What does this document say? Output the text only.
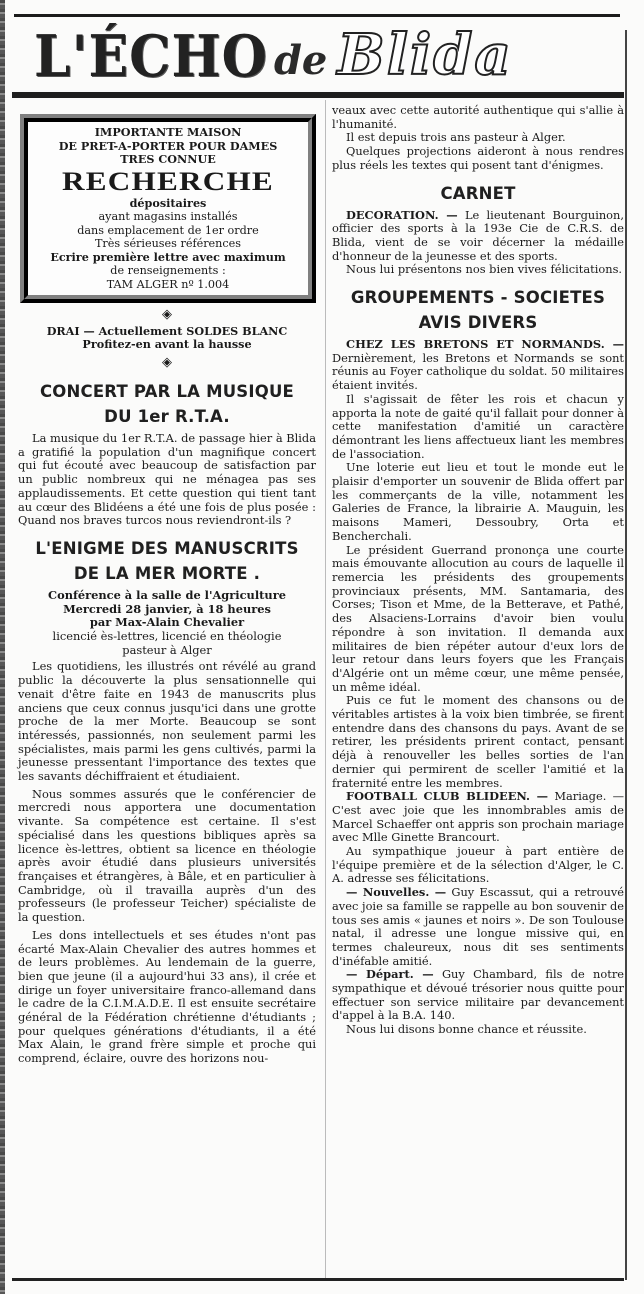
L'ÉCHO de Blida
IMPORTANTE MAISON
DE PRET-A-PORTER POUR DAMES
TRES CONNUE
RECHERCHE
dépositaires
ayant magasins installés
dans emplacement de 1er ordre
Très sérieuses références
Ecrire première lettre avec maximum
de renseignements :
TAM ALGER nº 1.004
◈
DRAI — Actuellement SOLDES BLANC
Profitez-en avant la hausse
◈
CONCERT PAR LA MUSIQUE
DU 1er R.T.A.

La musique du 1er R.T.A. de passage hier à Blida a gratifié la population d'un magnifique concert qui fut écouté avec beaucoup de satisfaction par un public nombreux qui ne ménagea pas ses applaudissements. Et cette question qui tient tant au cœur des Blidéens a été une fois de plus posée : Quand nos braves turcos nous reviendront-ils ?

L'ENIGME DES MANUSCRITS
DE LA MER MORTE .
Conférence à la salle de l'Agriculture
Mercredi 28 janvier, à 18 heures
par Max-Alain Chevalier
licencié ès-lettres, licencié en théologie
pasteur à Alger

Les quotidiens, les illustrés ont révélé au grand public la découverte la plus sensationnelle qui venait d'être faite en 1943 de manuscrits plus anciens que ceux connus jusqu'ici dans une grotte proche de la mer Morte. Beaucoup se sont intéressés, passionnés, non seulement parmi les spécialistes, mais parmi les gens cultivés, parmi la jeunesse pressentant l'importance des textes que les savants déchiffraient et étudiaient.

Nous sommes assurés que le conférencier de mercredi nous apportera une documentation vivante. Sa compétence est certaine. Il s'est spécialisé dans les questions bibliques après sa licence ès-lettres, obtient sa licence en théologie après avoir étudié dans plusieurs universités françaises et étrangères, à Bâle, et en particulier à Cambridge, où il travailla auprès d'un des professeurs (le professeur Teicher) spécialiste de la question.

Les dons intellectuels et ses études n'ont pas écarté Max-Alain Chevalier des autres hommes et de leurs problèmes. Au lendemain de la guerre, bien que jeune (il a aujourd'hui 33 ans), il crée et dirige un foyer universitaire franco-allemand dans le cadre de la C.I.M.A.D.E. Il est ensuite secrétaire général de la Fédération chrétienne d'étudiants ; pour quelques générations d'étudiants, il a été Max Alain, le grand frère simple et proche qui comprend, éclaire, ouvre des horizons nou-

veaux avec cette autorité authentique qui s'allie à l'humanité.

Il est depuis trois ans pasteur à Alger.

Quelques projections aideront à nous rendres plus réels les textes qui posent tant d'énigmes.

CARNET

DECORATION. — Le lieutenant Bourguinon, officier des sports à la 193e Cie de C.R.S. de Blida, vient de se voir décerner la médaille d'honneur de la jeunesse et des sports.

Nous lui présentons nos bien vives félicitations.

GROUPEMENTS - SOCIETES
AVIS DIVERS

CHEZ LES BRETONS ET NORMANDS. — Dernièrement, les Bretons et Normands se sont réunis au Foyer catholique du soldat. 50 militaires étaient invités.

Il s'agissait de fêter les rois et chacun y apporta la note de gaité qu'il fallait pour donner à cette manifestation d'amitié un caractère démontrant les liens affectueux liant les membres de l'association.

Une loterie eut lieu et tout le monde eut le plaisir d'emporter un souvenir de Blida offert par les commerçants de la ville, notamment les Galeries de France, la librairie A. Mauguin, les maisons Mameri, Dessoubry, Orta et Bencherchali.

Le président Guerrand prononça une courte mais émouvante allocution au cours de laquelle il remercia les présidents des groupements provinciaux présents, MM. Santamaria, des Corses; Tison et Mme, de la Betterave, et Pathé, des Alsaciens-Lorrains d'avoir bien voulu répondre à son invitation. Il demanda aux militaires de bien répéter autour d'eux lors de leur retour dans leurs foyers que les Français d'Algérie ont un même cœur, une même pensée, un même idéal.

Puis ce fut le moment des chansons ou de véritables artistes à la voix bien timbrée, se firent entendre dans des chansons du pays. Avant de se retirer, les présidents prirent contact, pensant déjà à renouveller les belles sorties de l'an dernier qui permirent de sceller l'amitié et la fraternité entre les membres.

FOOTBALL CLUB BLIDEEN. — Mariage. — C'est avec joie que les innombrables amis de Marcel Schaeffer ont appris son prochain mariage avec Mlle Ginette Brancourt.

Au sympathique joueur à part entière de l'équipe première et de la sélection d'Alger, le C. A. adresse ses félicitations.

— Nouvelles. — Guy Escassut, qui a retrouvé avec joie sa famille se rappelle au bon souvenir de tous ses amis « jaunes et noirs ». De son Toulouse natal, il adresse une longue missive qui, en termes chaleureux, nous dit ses sentiments d'inéfable amitié.

— Départ. — Guy Chambard, fils de notre sympathique et dévoué trésorier nous quitte pour effectuer son service militaire par devancement d'appel à la B.A. 140.

Nous lui disons bonne chance et réussite.
